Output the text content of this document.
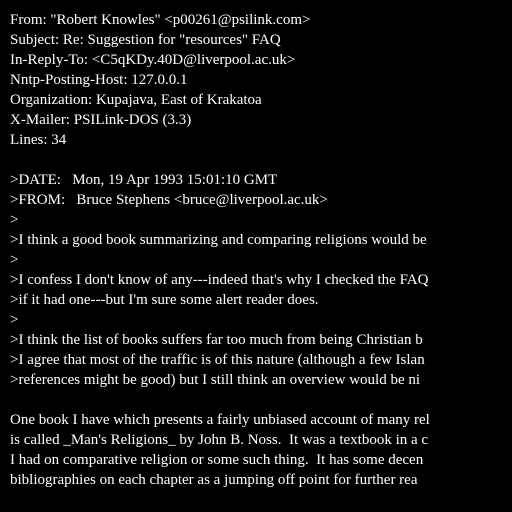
From: "Robert Knowles" <p00261@psilink.com>
Subject: Re: Suggestion for "resources" FAQ
In-Reply-To: <C5qKDy.40D@liverpool.ac.uk>
Nntp-Posting-Host: 127.0.0.1
Organization: Kupajava, East of Krakatoa
X-Mailer: PSILink-DOS (3.3)
Lines: 34
>DATE:   Mon, 19 Apr 1993 15:01:10 GMT
>FROM:   Bruce Stephens <bruce@liverpool.ac.uk>
>
>I think a good book summarizing and comparing religions would be
>
>I confess I don't know of any---indeed that's why I checked the FAQ
>if it had one---but I'm sure some alert reader does.
>
>I think the list of books suffers far too much from being Christian b
>I agree that most of the traffic is of this nature (although a few Islan
>references might be good) but I still think an overview would be ni
One book I have which presents a fairly unbiased account of many rel
is called _Man's Religions_ by John B. Noss.  It was a textbook in a c
I had on comparative religion or some such thing.  It has some decen
bibliographies on each chapter as a jumping off point for further rea
